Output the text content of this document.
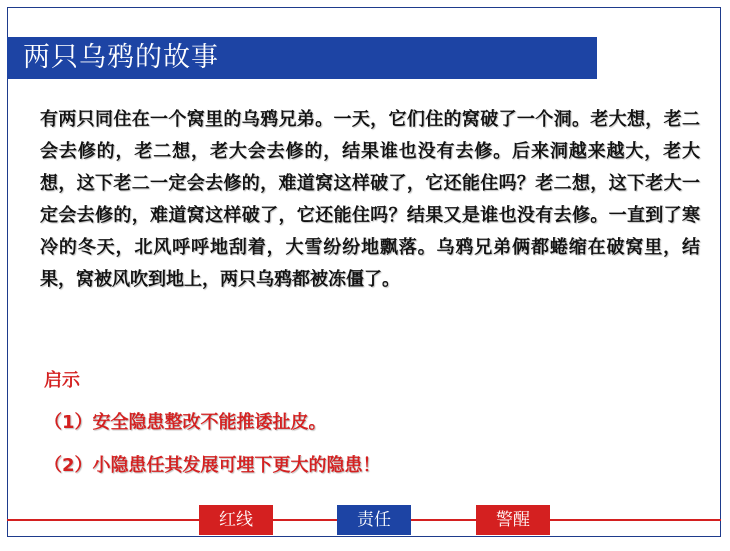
两只乌鸦的故事

有两只同住在一个窝里的乌鸦兄弟。一天，它们住的窝破了一个洞。老大想，老二会去修的，老二想，老大会去修的，结果谁也没有去修。后来洞越来越大，老大想，这下老二一定会去修的，难道窝这样破了，它还能住吗？老二想，这下老大一定会去修的，难道窝这样破了，它还能住吗？结果又是谁也没有去修。一直到了寒冷的冬天，北风呼呼地刮着，大雪纷纷地飘落。乌鸦兄弟俩都蜷缩在破窝里，结果，窝被风吹到地上，两只乌鸦都被冻僵了。

启示
（1）安全隐患整改不能推诿扯皮。
（2）小隐患任其发展可埋下更大的隐患！
红线	责任	警醒
